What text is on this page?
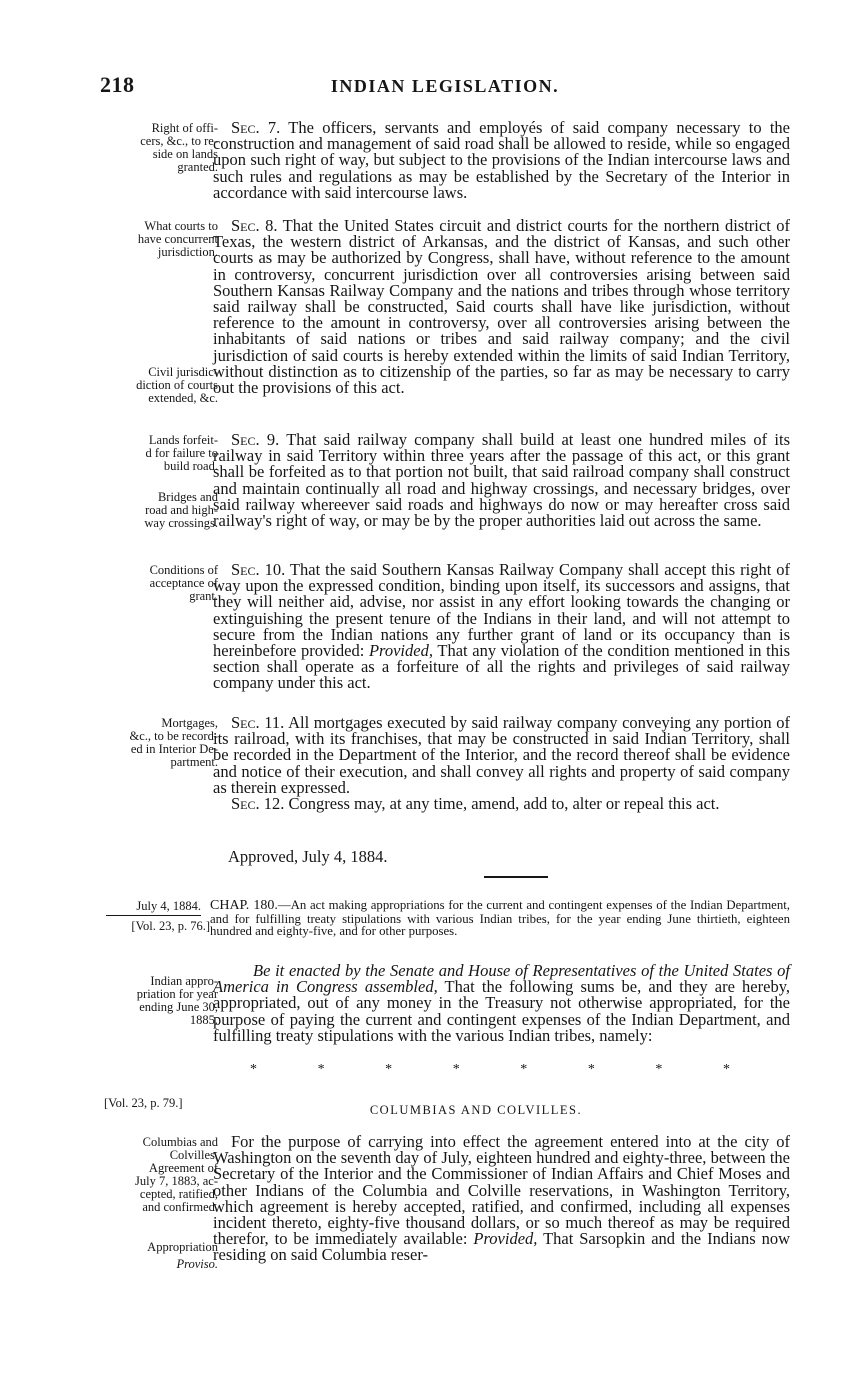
218	INDIAN LEGISLATION.

Right of offi-

cers, &c., to re-

side on lands

granted.

Sec. 7. The officers, servants and employés of said company necessary to the construction and management of said road shall be allowed to reside, while so engaged upon such right of way, but subject to the provisions of the Indian intercourse laws and such rules and regulations as may be established by the Secretary of the Interior in accordance with said intercourse laws.

What courts to

have concurrent

jurisdiction.

Sec. 8. That the United States circuit and district courts for the northern district of Texas, the western district of Arkansas, and the district of Kansas, and such other courts as may be authorized by Congress, shall have, without reference to the amount in controversy, concurrent jurisdiction over all controversies arising between said Southern Kansas Railway Company and the nations and tribes through whose territory said railway shall be constructed, Said courts shall have like jurisdiction, without reference to the amount in controversy, over all controversies arising between the inhabitants of said nations or tribes and said railway company; and the civil jurisdiction of said courts is hereby extended within the limits of said Indian Territory, without distinction as to citizenship of the parties, so far as may be necessary to carry out the provisions of this act.

Civil jurisdic-

diction of courts

extended, &c.

Lands forfeit-

d for failure to

build road.

Sec. 9. That said railway company shall build at least one hundred miles of its railway in said Territory within three years after the passage of this act, or this grant shall be forfeited as to that portion not built, that said railroad company shall construct and maintain continually all road and highway crossings, and necessary bridges, over said railway whereever said roads and highways do now or may hereafter cross said railway's right of way, or may be by the proper authorities laid out across the same.

Bridges and

road and high-

way crossings.

Conditions of

acceptance of

grant.

Sec. 10. That the said Southern Kansas Railway Company shall accept this right of way upon the expressed condition, binding upon itself, its successors and assigns, that they will neither aid, advise, nor assist in any effort looking towards the changing or extinguishing the present tenure of the Indians in their land, and will not attempt to secure from the Indian nations any further grant of land or its occupancy than is hereinbefore provided: Provided, That any violation of the condition mentioned in this section shall operate as a forfeiture of all the rights and privileges of said railway company under this act.

Mortgages,

&c., to be record-

ed in Interior De-

partment.

Sec. 11. All mortgages executed by said railway company conveying any portion of its railroad, with its franchises, that may be constructed in said Indian Territory, shall be recorded in the Department of the Interior, and the record thereof shall be evidence and notice of their execution, and shall convey all rights and property of said company as therein expressed.

Sec. 12. Congress may, at any time, amend, add to, alter or repeal this act.

Approved, July 4, 1884.
July 4, 1884.
[Vol. 23, p. 76.]
CHAP. 180.—An act making appropriations for the current and contingent expenses of the Indian Department, and for fulfilling treaty stipulations with various Indian tribes, for the year ending June thirtieth, eighteen hundred and eighty-five, and for other purposes.

Indian appro-

priation for year

ending June 30,

1885.

Be it enacted by the Senate and House of Representatives of the United States of America in Congress assembled, That the following sums be, and they are hereby, appropriated, out of any money in the Treasury not otherwise appropriated, for the purpose of paying the current and contingent expenses of the Indian Department, and fulfilling treaty stipulations with the various Indian tribes, namely:

*	*	*	*	*	*	*	*
[Vol. 23, p. 79.]	COLUMBIAS AND COLVILLES.

Columbias and

Colvilles.

Agreement of

July 7, 1883, ac-

cepted, ratified,

and confirmed.

Appropriation

Proviso.

For the purpose of carrying into effect the agreement entered into at the city of Washington on the seventh day of July, eighteen hundred and eighty-three, between the Secretary of the Interior and the Commissioner of Indian Affairs and Chief Moses and other Indians of the Columbia and Colville reservations, in Washington Territory, which agreement is hereby accepted, ratified, and confirmed, including all expenses incident thereto, eighty-five thousand dollars, or so much thereof as may be required therefor, to be immediately available: Provided, That Sarsopkin and the Indians now residing on said Columbia reser-
